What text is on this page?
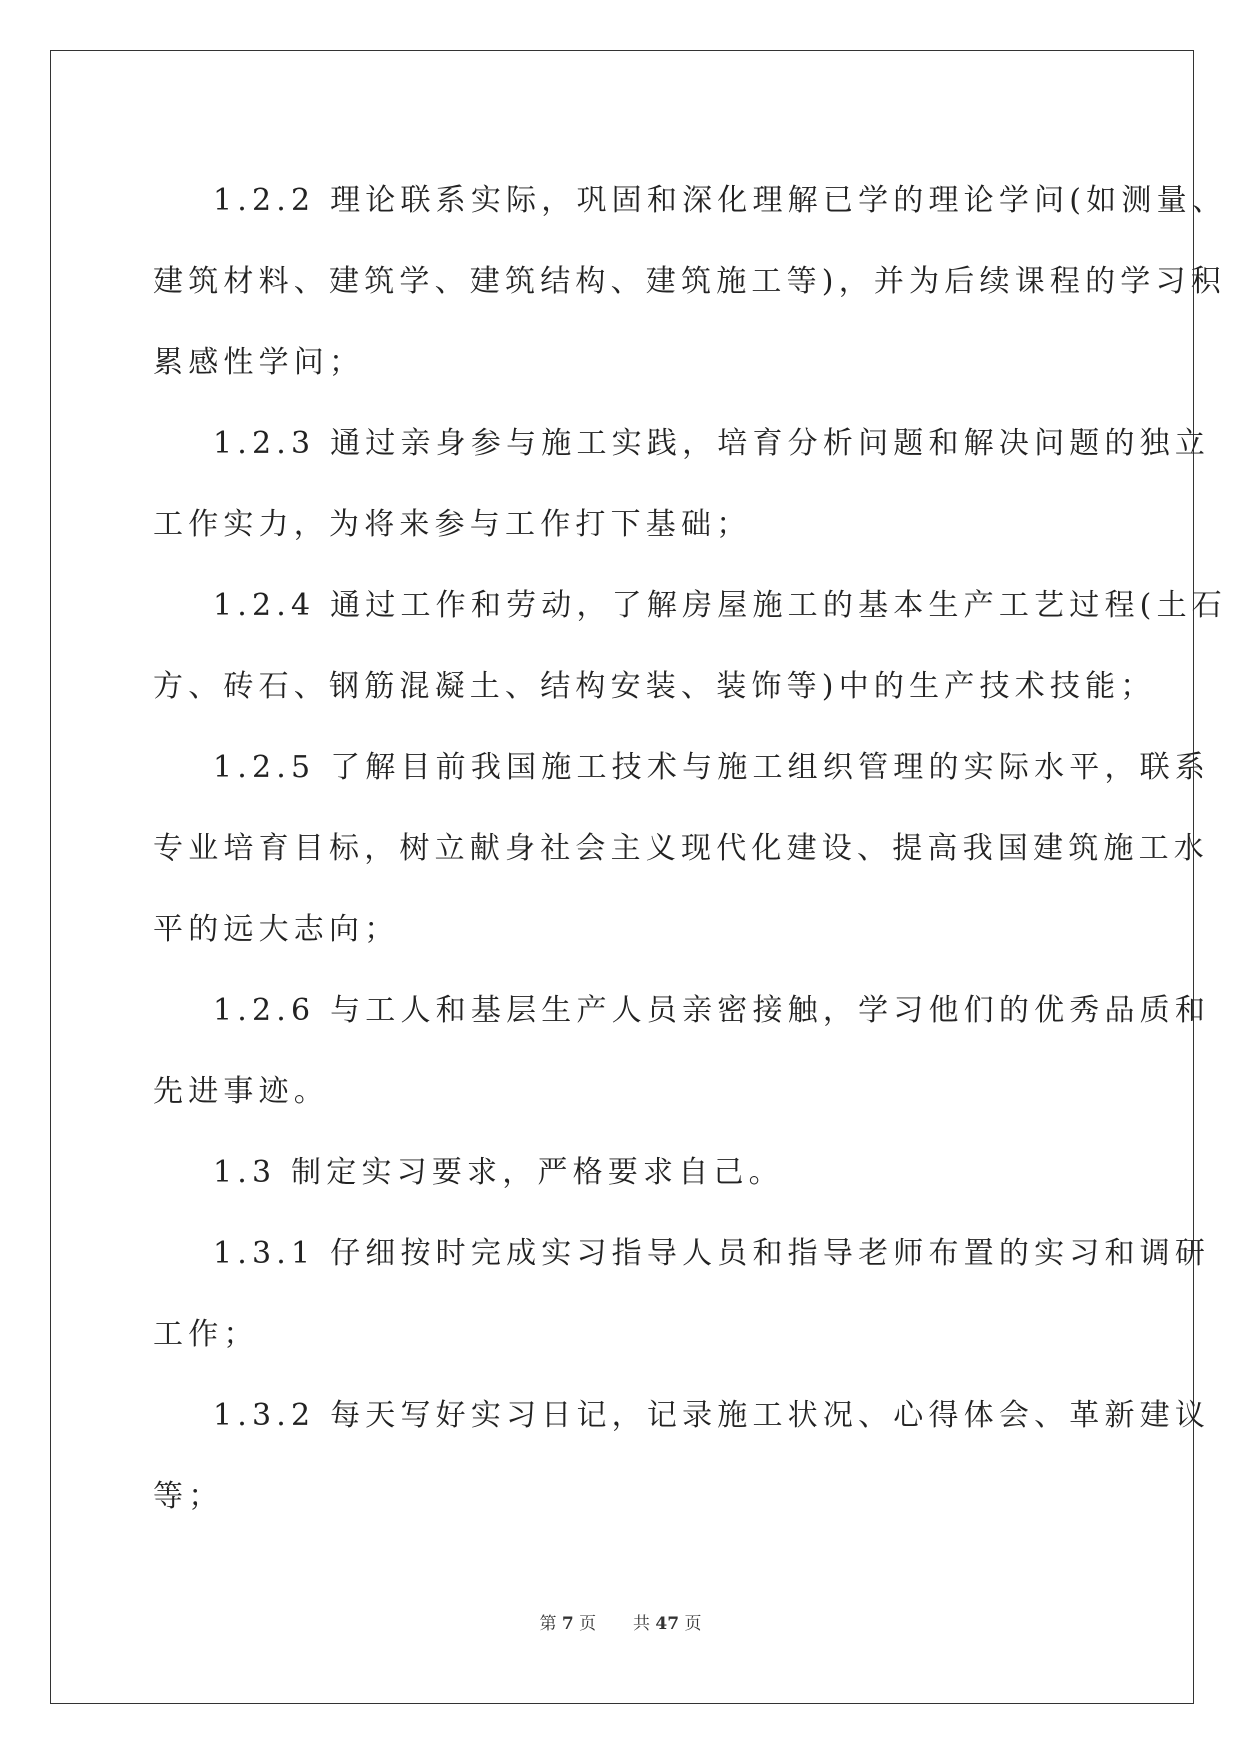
1.2.2 理论联系实际，巩固和深化理解已学的理论学问(如测量、
建筑材料、建筑学、建筑结构、建筑施工等)，并为后续课程的学习积
累感性学问；
1.2.3 通过亲身参与施工实践，培育分析问题和解决问题的独立
工作实力，为将来参与工作打下基础；
1.2.4 通过工作和劳动，了解房屋施工的基本生产工艺过程(土石
方、砖石、钢筋混凝土、结构安装、装饰等)中的生产技术技能；
1.2.5 了解目前我国施工技术与施工组织管理的实际水平，联系
专业培育目标，树立献身社会主义现代化建设、提高我国建筑施工水
平的远大志向；
1.2.6 与工人和基层生产人员亲密接触，学习他们的优秀品质和
先进事迹。
1.3 制定实习要求，严格要求自己。
1.3.1 仔细按时完成实习指导人员和指导老师布置的实习和调研
工作；
1.3.2 每天写好实习日记，记录施工状况、心得体会、革新建议
等；
第 7 页 共 47 页
